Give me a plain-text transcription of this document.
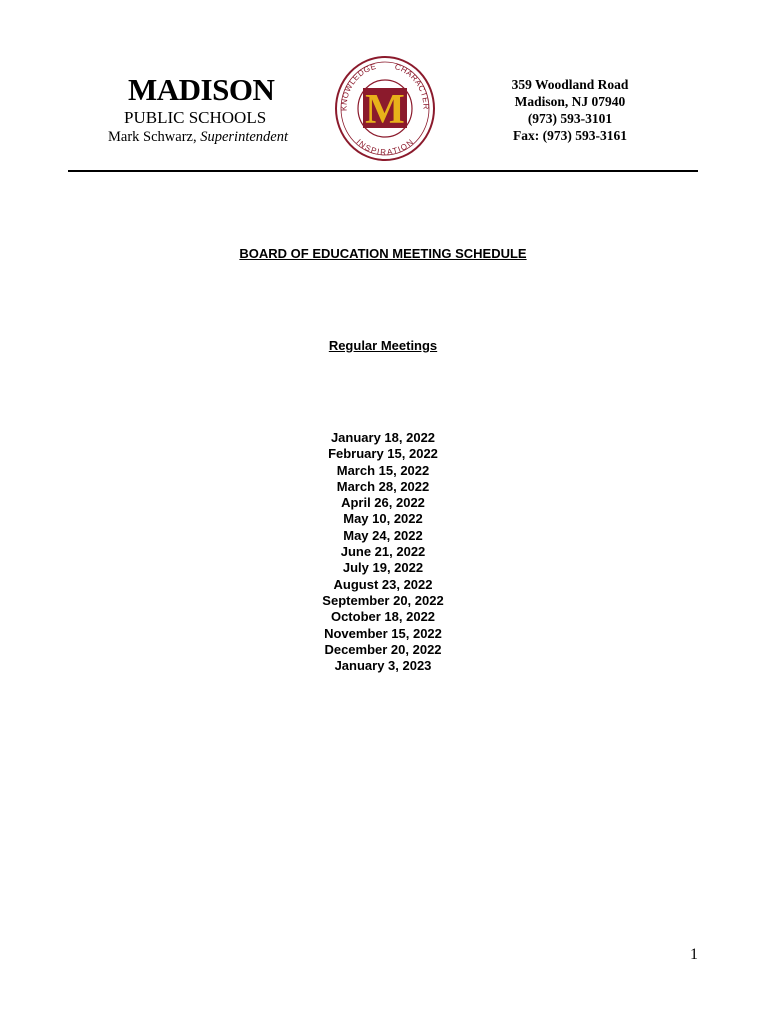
MADISON
PUBLIC SCHOOLS
Mark Schwarz, Superintendent
M
KNOWLEDGE CHARACTER
INSPIRATION
359 Woodland Road
Madison, NJ 07940
(973) 593-3101
Fax: (973) 593-3161
BOARD OF EDUCATION MEETING SCHEDULE
Regular Meetings
January 18, 2022
February 15, 2022
March 15, 2022
March 28, 2022
April 26, 2022
May 10, 2022
May 24, 2022
June 21, 2022
July 19, 2022
August 23, 2022
September 20, 2022
October 18, 2022
November 15, 2022
December 20, 2022
January 3, 2023
1
